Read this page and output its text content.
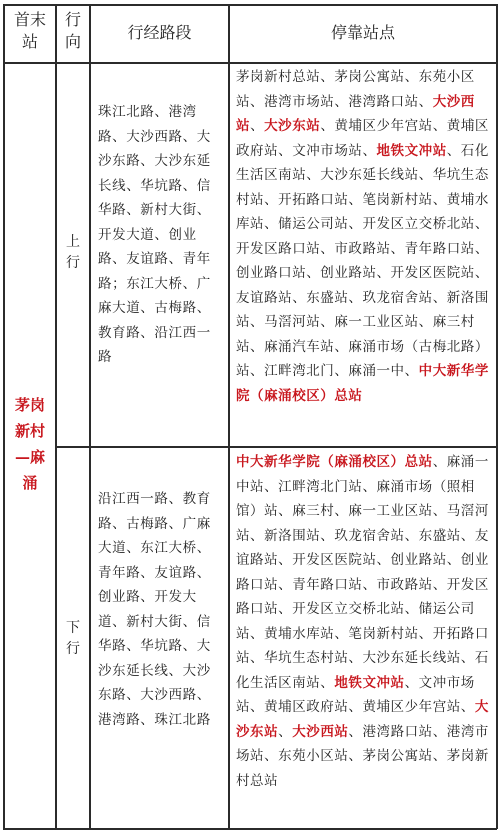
首末
站
行
向	行经路段	停靠站点
茅岗
新村
—麻
涌
上
行
珠江北路、港湾路、大沙西路、大沙东路、大沙东延长线、华坑路、信华路、新村大街、开发大道、创业路、友谊路、青年路；东江大桥、广麻大道、古梅路、教育路、沿江西一路
茅岗新村总站、茅岗公寓站、东苑小区站、港湾市场站、港湾路口站、大沙西站、大沙东站、黄埔区少年宫站、黄埔区政府站、文冲市场站、地铁文冲站、石化生活区南站、大沙东延长线站、华坑生态村站、开拓路口站、笔岗新村站、黄埔水库站、储运公司站、开发区立交桥北站、开发区路口站、市政路站、青年路口站、创业路口站、创业路站、开发区医院站、友谊路站、东盛站、玖龙宿舍站、新洛围站、马滘河站、麻一工业区站、麻三村站、麻涌汽车站、麻涌市场（古梅北路）站、江畔湾北门、麻涌一中、中大新华学院（麻涌校区）总站
下
行
沿江西一路、教育路、古梅路、广麻大道、东江大桥、青年路、友谊路、创业路、开发大道、新村大街、信华路、华坑路、大沙东延长线、大沙东路、大沙西路、港湾路、珠江北路
中大新华学院（麻涌校区）总站、麻涌一中站、江畔湾北门站、麻涌市场（照相馆）站、麻三村、麻一工业区站、马滘河站、新洛围站、玖龙宿舍站、东盛站、友谊路站、开发区医院站、创业路站、创业路口站、青年路口站、市政路站、开发区路口站、开发区立交桥北站、储运公司站、黄埔水库站、笔岗新村站、开拓路口站、华坑生态村站、大沙东延长线站、石化生活区南站、地铁文冲站、文冲市场站、黄埔区政府站、黄埔区少年宫站、大沙东站、大沙西站、港湾路口站、港湾市场站、东苑小区站、茅岗公寓站、茅岗新村总站
